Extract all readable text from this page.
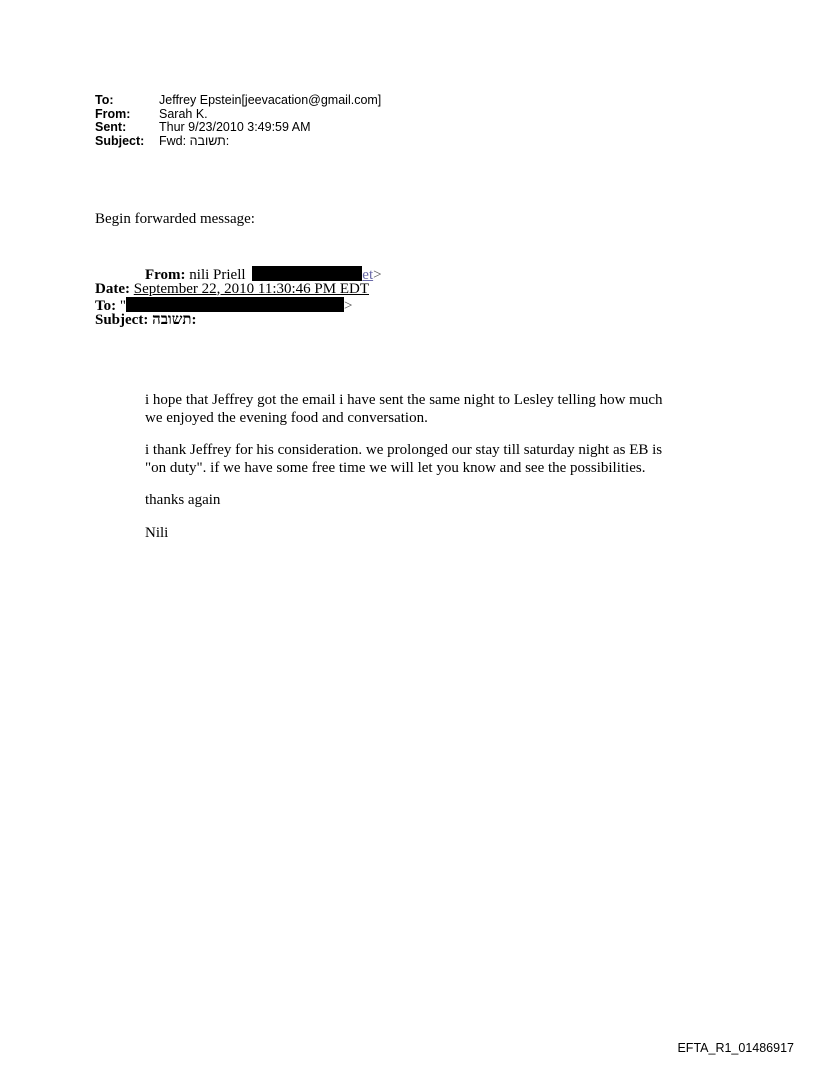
To:	Jeffrey Epstein[jeevacation@gmail.com]
From:	Sarah K.
Sent:	Thur 9/23/2010 3:49:59 AM
Subject:	Fwd: תשובה:
Begin forwarded message:
From: nili Priell	et>
Date: September 22, 2010 11:30:46 PM EDT
To: "	>
Subject: תשובה:

i hope that Jeffrey got the email i have sent the same night to Lesley telling how much we enjoyed the evening food and conversation.

i thank Jeffrey for his consideration. we prolonged our stay till saturday night as EB is "on duty". if we have some free time we will let you know and see the possibilities.

thanks again

Nili

EFTA_R1_01486917
